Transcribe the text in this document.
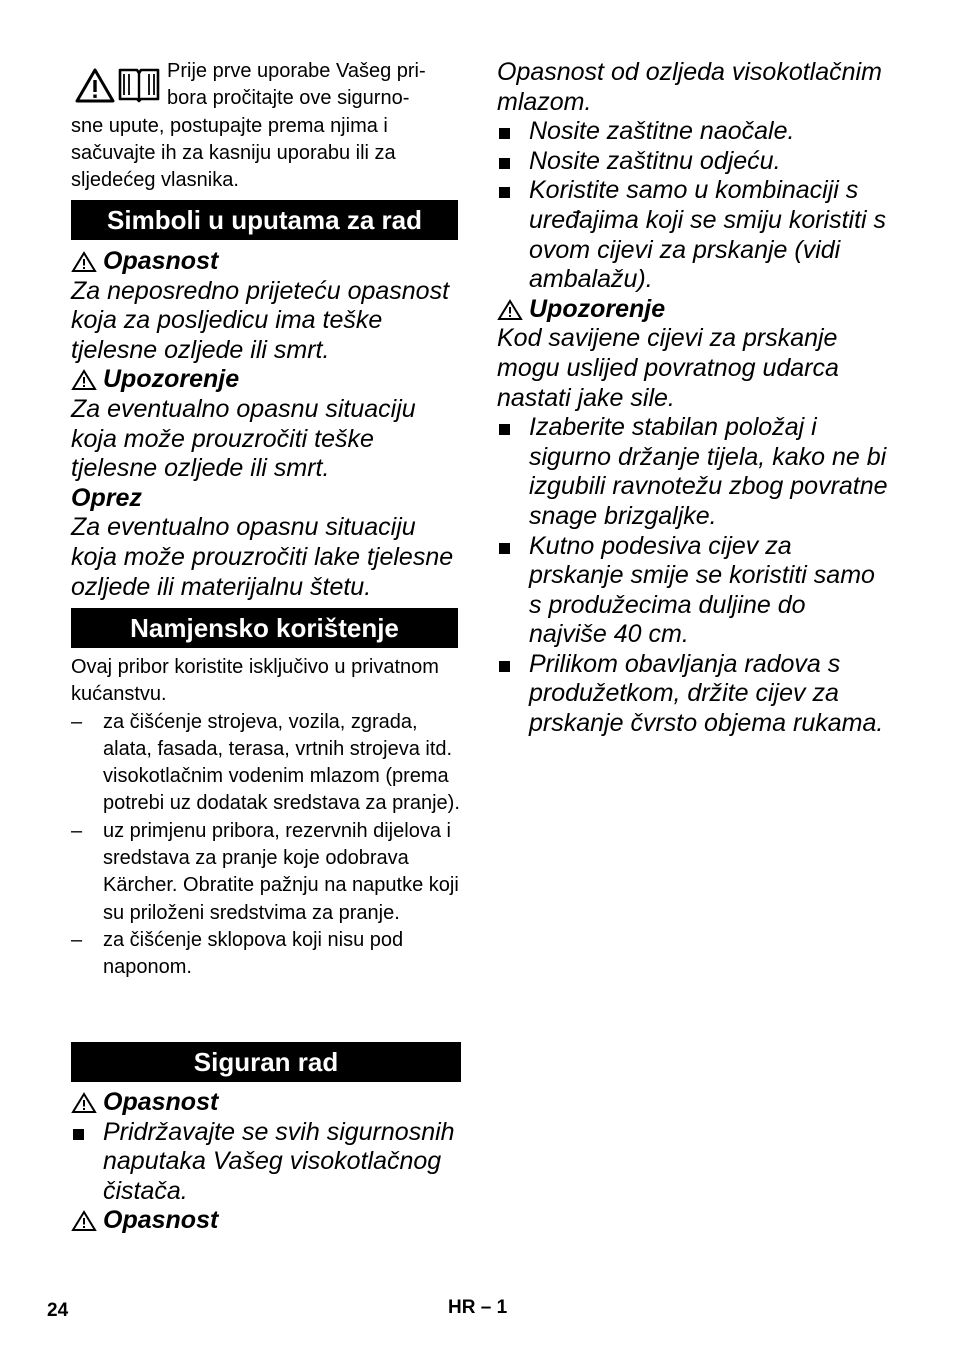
Prije prve uporabe Vašeg pri-
bora pročitajte ove sigurno-
sne upute, postupajte prema njima i sačuvajte ih za kasniju uporabu ili za sljedećeg vlasnika.
Simboli u uputama za rad
Opasnost

Za neposredno prijeteću opasnost koja za posljedicu ima teške tjelesne ozljede ili smrt.

Upozorenje

Za eventualno opasnu situaciju koja može prouzročiti teške tjelesne ozljede ili smrt.

Oprez

Za eventualno opasnu situaciju koja može prouzročiti lake tjelesne ozljede ili materijalnu štetu.

Namjensko korištenje

Ovaj pribor koristite isključivo u privatnom kućanstvu.

– za čišćenje strojeva, vozila, zgrada, alata, fasada, terasa, vrtnih strojeva itd. visokotlačnim vodenim mlazom (prema potrebi uz dodatak sredstava za pranje).
– uz primjenu pribora, rezervnih dijelova i sredstava za pranje koje odobrava Kärcher. Obratite pažnju na naputke koji su priloženi sredstvima za pranje.
– za čišćenje sklopova koji nisu pod naponom.
Siguran rad
Opasnost
Pridržavajte se svih sigurnosnih naputaka Vašeg visokotlačnog čistača.
Opasnost

Opasnost od ozljeda visokotlačnim mlazom.

Nosite zaštitne naočale.
Nosite zaštitnu odjeću.
Koristite samo u kombinaciji s uređajima koji se smiju koristiti s ovom cijevi za prskanje (vidi ambalažu).
Upozorenje

Kod savijene cijevi za prskanje mogu uslijed povratnog udarca nastati jake sile.

Izaberite stabilan položaj i sigurno držanje tijela, kako ne bi izgubili ravnotežu zbog povratne snage brizgaljke.
Kutno podesiva cijev za prskanje smije se koristiti samo s produžecima duljine do najviše 40 cm.
Prilikom obavljanja radova s produžetkom, držite cijev za prskanje čvrsto objema rukama.
24	HR – 1
